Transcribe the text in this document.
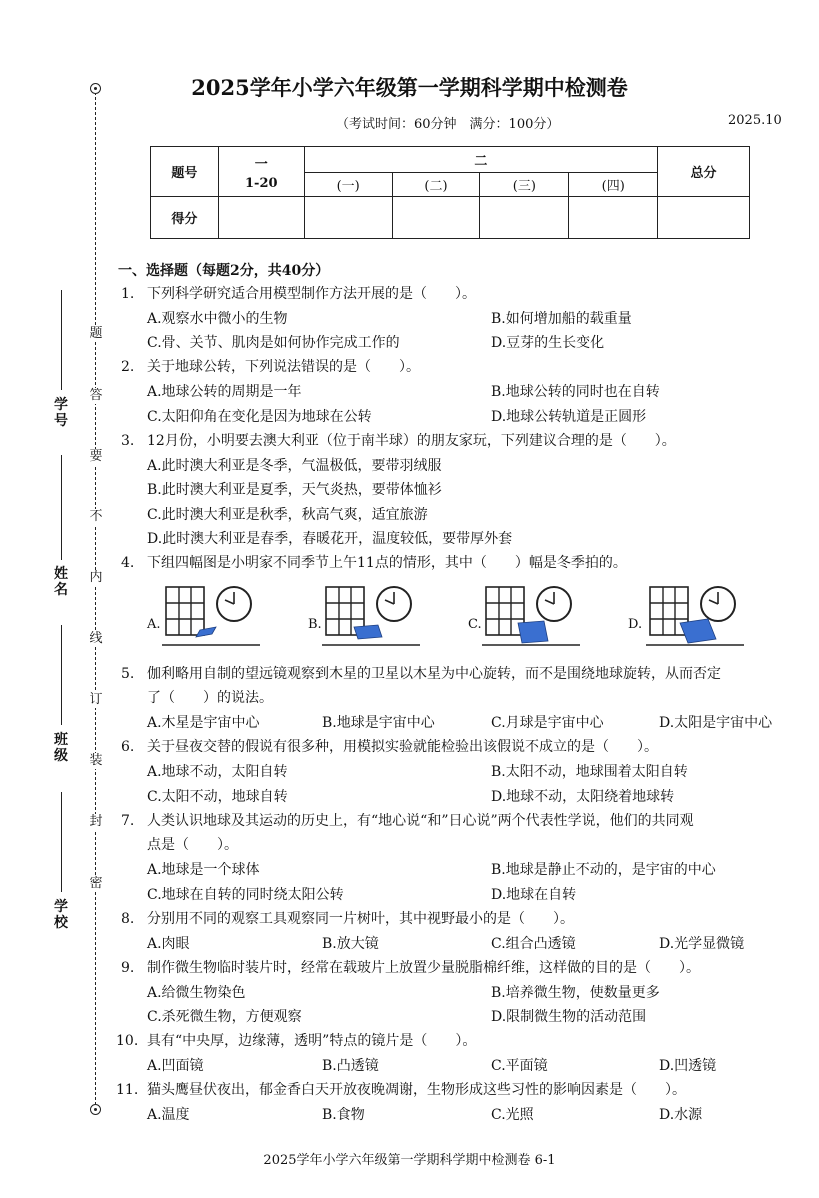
题
答
要
不
内
线
订
装
封
密
学号
姓名
班级
学校
2025学年小学六年级第一学期科学期中检测卷
（考试时间：60分钟　满分：100分）	2025.10
题号	一	二				总分
	1-20	(一)	(二)	(三)	(四)	
得分						
一、选择题（每题2分，共40分）
1. 下列科学研究适合用模型制作方法开展的是（　　）。
A.观察水中微小的生物	B.如何增加船的载重量
C.骨、关节、肌肉是如何协作完成工作的	D.豆芽的生长变化
2. 关于地球公转，下列说法错误的是（　　）。
A.地球公转的周期是一年	B.地球公转的同时也在自转
C.太阳仰角在变化是因为地球在公转	D.地球公转轨道是正圆形
3. 12月份，小明要去澳大利亚（位于南半球）的朋友家玩，下列建议合理的是（　　）。
A.此时澳大利亚是冬季，气温极低，要带羽绒服
B.此时澳大利亚是夏季，天气炎热，要带体恤衫
C.此时澳大利亚是秋季，秋高气爽，适宜旅游
D.此时澳大利亚是春季，春暖花开，温度较低，要带厚外套
4. 下组四幅图是小明家不同季节上午11点的情形，其中（　　）幅是冬季拍的。
A.	B.	C.	D.
5. 伽利略用自制的望远镜观察到木星的卫星以木星为中心旋转，而不是围绕地球旋转，从而否定
了（　　）的说法。
A.木星是宇宙中心	B.地球是宇宙中心	C.月球是宇宙中心	D.太阳是宇宙中心
6. 关于昼夜交替的假说有很多种，用模拟实验就能检验出该假说不成立的是（　　）。
A.地球不动，太阳自转	B.太阳不动，地球围着太阳自转
C.太阳不动，地球自转	D.地球不动，太阳绕着地球转
7. 人类认识地球及其运动的历史上，有“地心说“和”日心说”两个代表性学说，他们的共同观
点是（　　）。
A.地球是一个球体	B.地球是静止不动的，是宇宙的中心
C.地球在自转的同时绕太阳公转	D.地球在自转
8. 分别用不同的观察工具观察同一片树叶，其中视野最小的是（　　）。
A.肉眼	B.放大镜	C.组合凸透镜	D.光学显微镜
9. 制作微生物临时装片时，经常在载玻片上放置少量脱脂棉纤维，这样做的目的是（　　）。
A.给微生物染色	B.培养微生物，使数量更多
C.杀死微生物，方便观察	D.限制微生物的活动范围
10. 具有“中央厚，边缘薄，透明”特点的镜片是（　　）。
A.凹面镜	B.凸透镜	C.平面镜	D.凹透镜
11. 猫头鹰昼伏夜出，郁金香白天开放夜晚凋谢，生物形成这些习性的影响因素是（　　）。
A.温度	B.食物	C.光照	D.水源
2025学年小学六年级第一学期科学期中检测卷 6-1
